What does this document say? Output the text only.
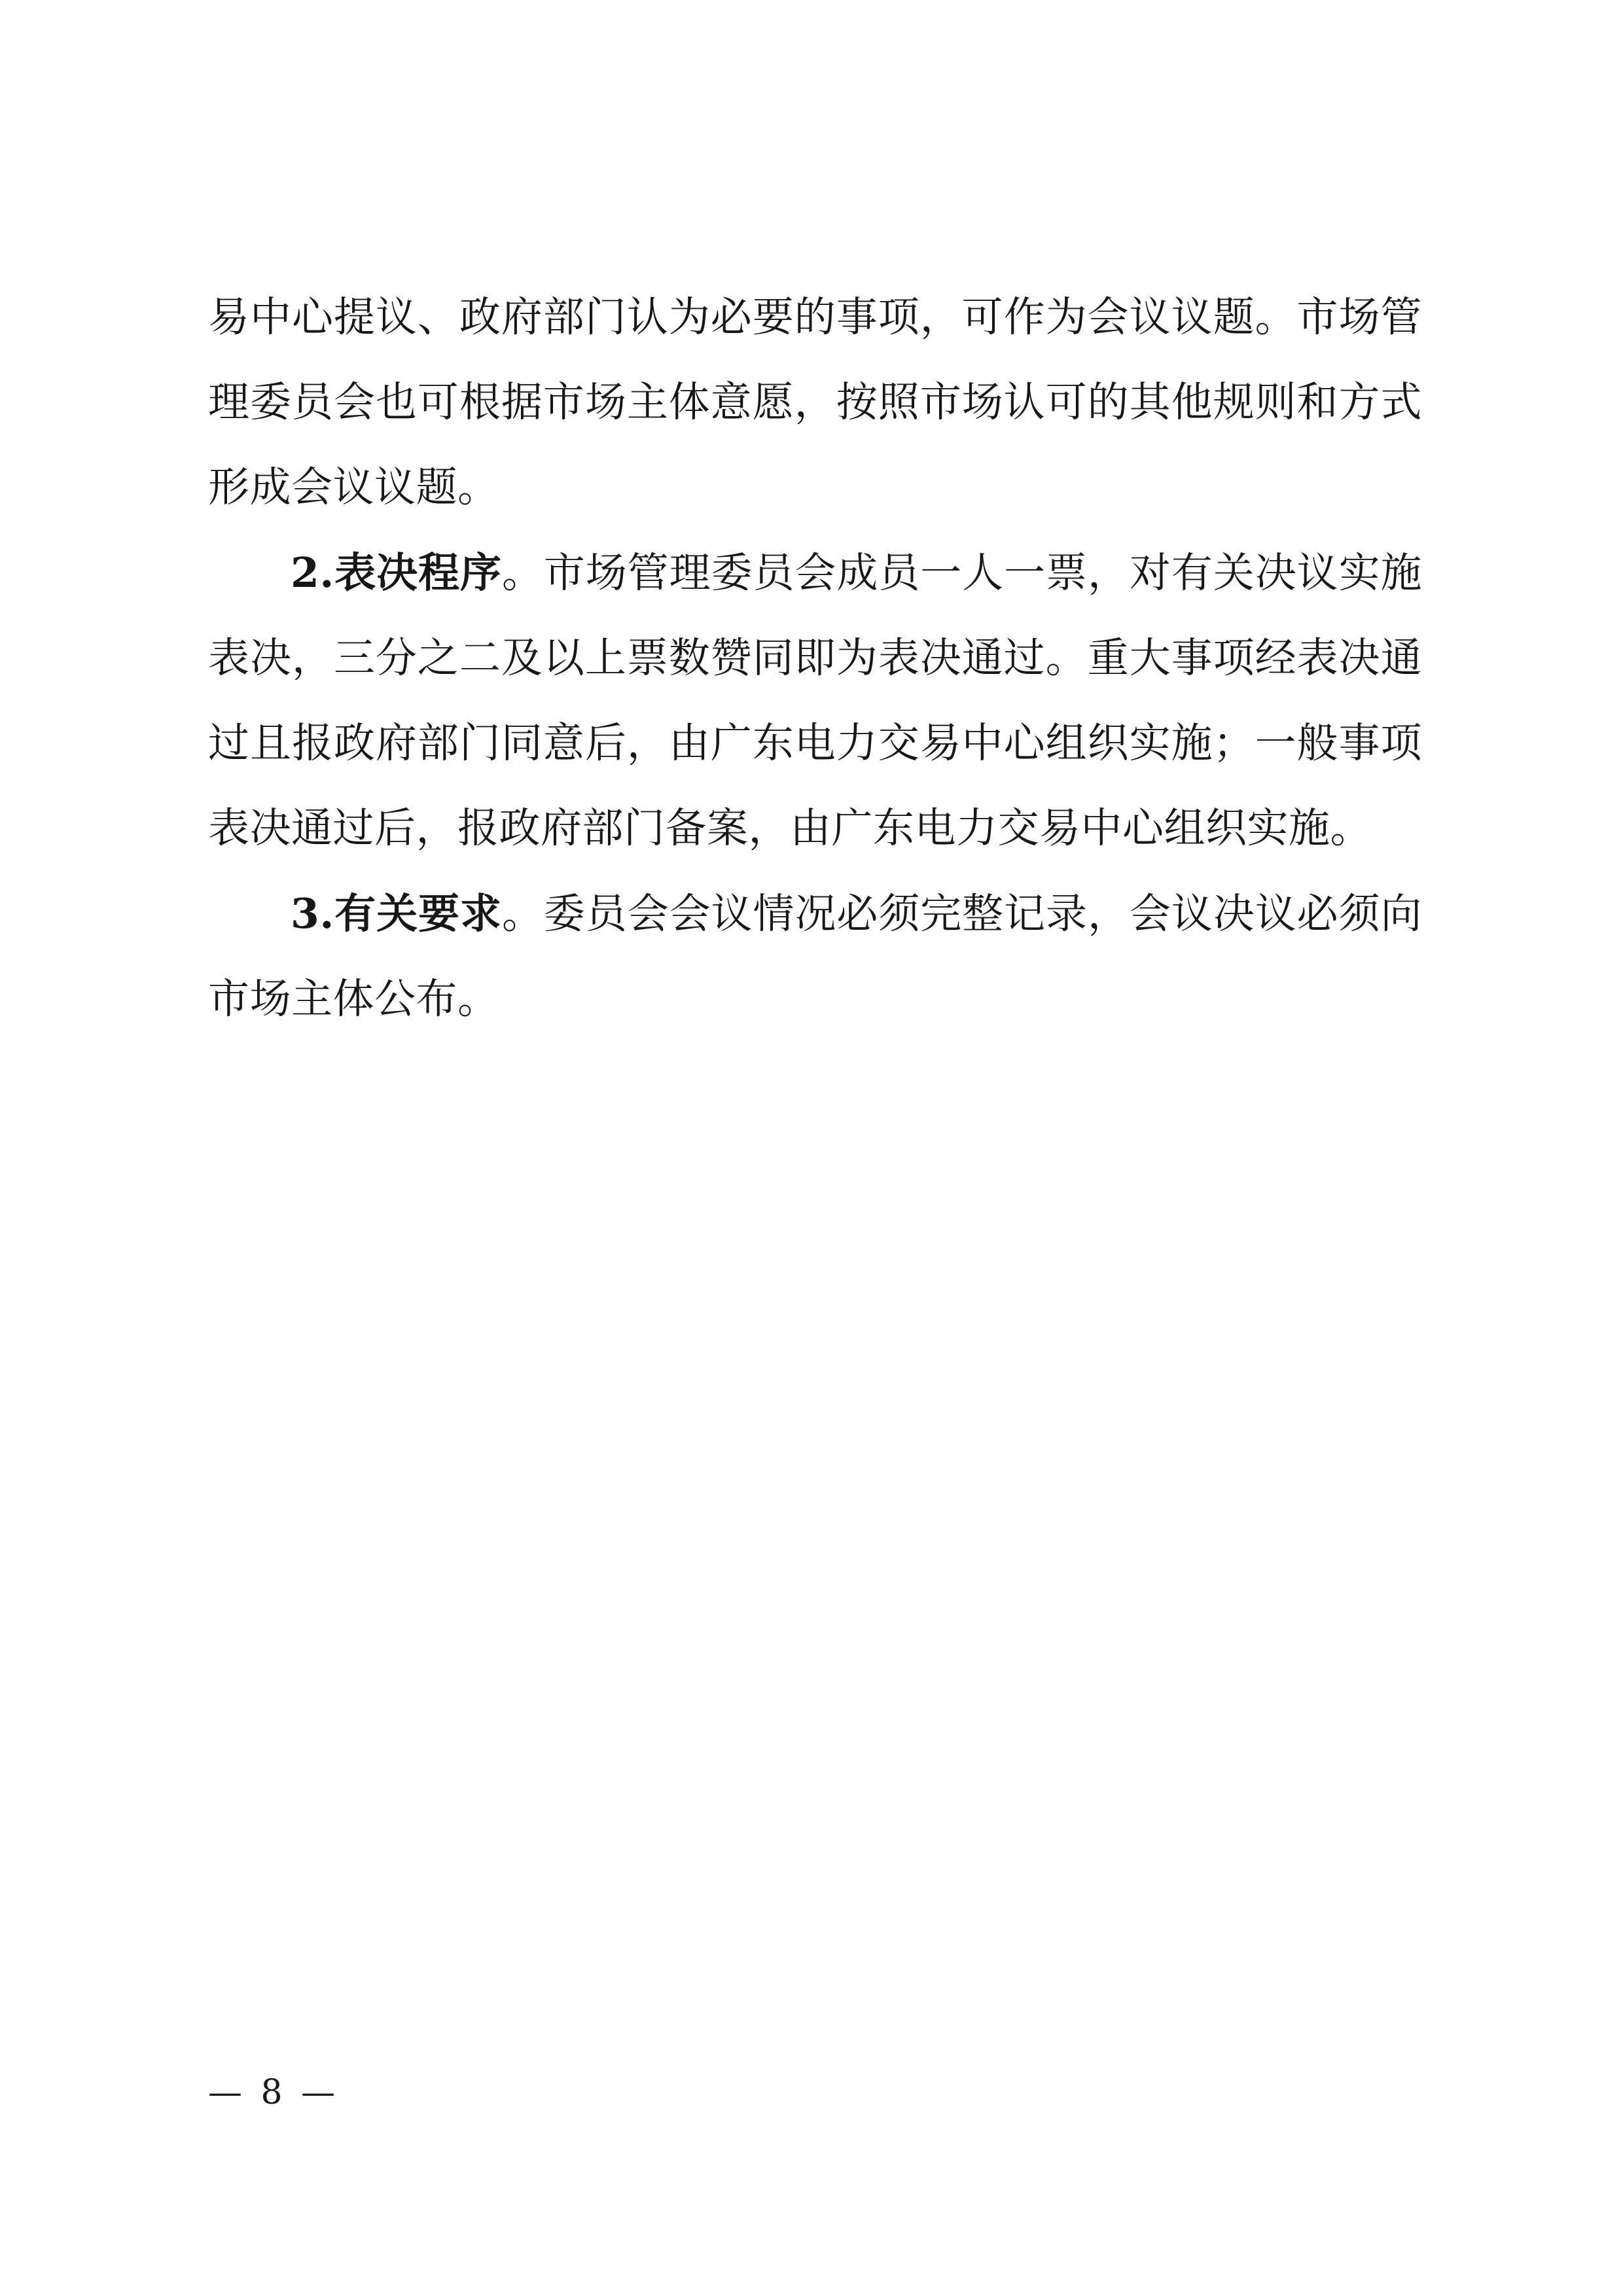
易中心提议、政府部门认为必要的事项，可作为会议议题。市场管理委员会也可根据市场主体意愿，按照市场认可的其他规则和方式形成会议议题。

2.表决程序。市场管理委员会成员一人一票，对有关决议实施表决，三分之二及以上票数赞同即为表决通过。重大事项经表决通过且报政府部门同意后，由广东电力交易中心组织实施；一般事项表决通过后，报政府部门备案，由广东电力交易中心组织实施。

3.有关要求。委员会会议情况必须完整记录，会议决议必须向市场主体公布。

— 8 —
